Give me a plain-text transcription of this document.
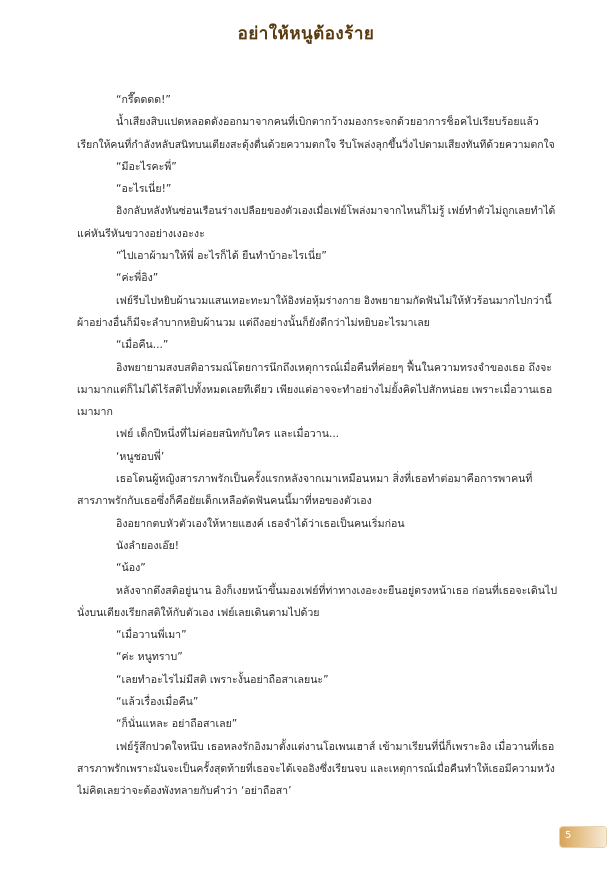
อย่าให้หนูต้องร้าย

“กรี๊ดดดด!”

น้ำเสียงสิบแปดหลอดดังออกมาจากคนที่เบิกตากว้างมองกระจกด้วยอาการช็อคไปเรียบร้อยแล้ว

เรียกให้คนที่กำลังหลับสนิทบนเตียงสะดุ้งตื่นด้วยความตกใจ รีบโพล่งลุกขึ้นวิ่งไปดามเสียงทันทีด้วยความตกใจ

“มีอะไรคะพี่”

“อะไรเนี่ย!”

อิงกลับหลังหันซ่อนเรือนร่างเปลือยของตัวเองเมื่อเฟย์โพล่งมาจากไหนก็ไม่รู้ เฟย์ทำตัวไม่ถูกเลยทำได้

แค่หันรีหันขวางอย่างเงอะงะ

“ไปเอาผ้ามาให้พี่ อะไรก็ได้ ยืนทำบ้าอะไรเนี่ย”

“ค่ะพี่อิง”

เฟย์รีบไปหยิบผ้านวมแสนเทอะทะมาให้อิงห่อหุ้มร่างกาย อิงพยายามกัดฟันไม่ให้หัวร้อนมากไปกว่านี้

ผ้าอย่างอื่นก็มีจะลำบากหยิบผ้านวม แต่ถึงอย่างนั้นก็ยังดีกว่าไม่หยิบอะไรมาเลย

“เมื่อคืน...”

อิงพยายามสงบสติอารมณ์โดยการนึกถึงเหตุการณ์เมื่อคืนที่ค่อยๆ ฟื้นในความทรงจำของเธอ ถึงจะ

เมามากแต่ก็ไม่ได้ไร้สติไปทั้งหมดเลยทีเดียว เพียงแต่อาจจะทำอย่างไม่ยั้งคิดไปสักหน่อย เพราะเมื่อวานเธอ

เมามาก

เฟย์ เด็กปีหนึ่งที่ไม่ค่อยสนิทกับใคร และเมื่อวาน...

‘หนูชอบพี่’

เธอโดนผู้หญิงสารภาพรักเป็นครั้งแรกหลังจากเมาเหมือนหมา สิ่งที่เธอทำต่อมาคือการพาคนที่

สารภาพรักกับเธอซึ่งก็คือยัยเด็กเหลือดัดฟันคนนี้มาที่หอของตัวเอง

อิงอยากตบหัวตัวเองให้หายแฮงค์ เธอจำได้ว่าเธอเป็นคนเริ่มก่อน

นังลำยองเอ๊ย!

“น้อง”

หลังจากดึงสติอยู่นาน อิงก็เงยหน้าขึ้นมองเฟย์ที่ท่าทางเงอะงะยืนอยู่ตรงหน้าเธอ ก่อนที่เธอจะเดินไป

นั่งบนเตียงเรียกสติให้กับตัวเอง เฟย์เลยเดินตามไปด้วย

“เมื่อวานพี่เมา”

“ค่ะ หนูทราบ”

“เลยทำอะไรไม่มีสติ เพราะงั้นอย่าถือสาเลยนะ”

“แล้วเรื่องเมื่อคืน”

“ก็นั่นแหละ อย่าถือสาเลย”

เฟย์รู้สึกปวดใจหนึบ เธอหลงรักอิงมาตั้งแต่งานโอเพนเฮาส์ เข้ามาเรียนที่นี่ก็เพราะอิง เมื่อวานที่เธอ

สารภาพรักเพราะมันจะเป็นครั้งสุดท้ายที่เธอจะได้เจออิงซึ่งเรียนจบ และเหตุการณ์เมื่อคืนทำให้เธอมีความหวัง

ไม่คิดเลยว่าจะต้องพังทลายกับคำว่า ‘อย่าถือสา’

5
